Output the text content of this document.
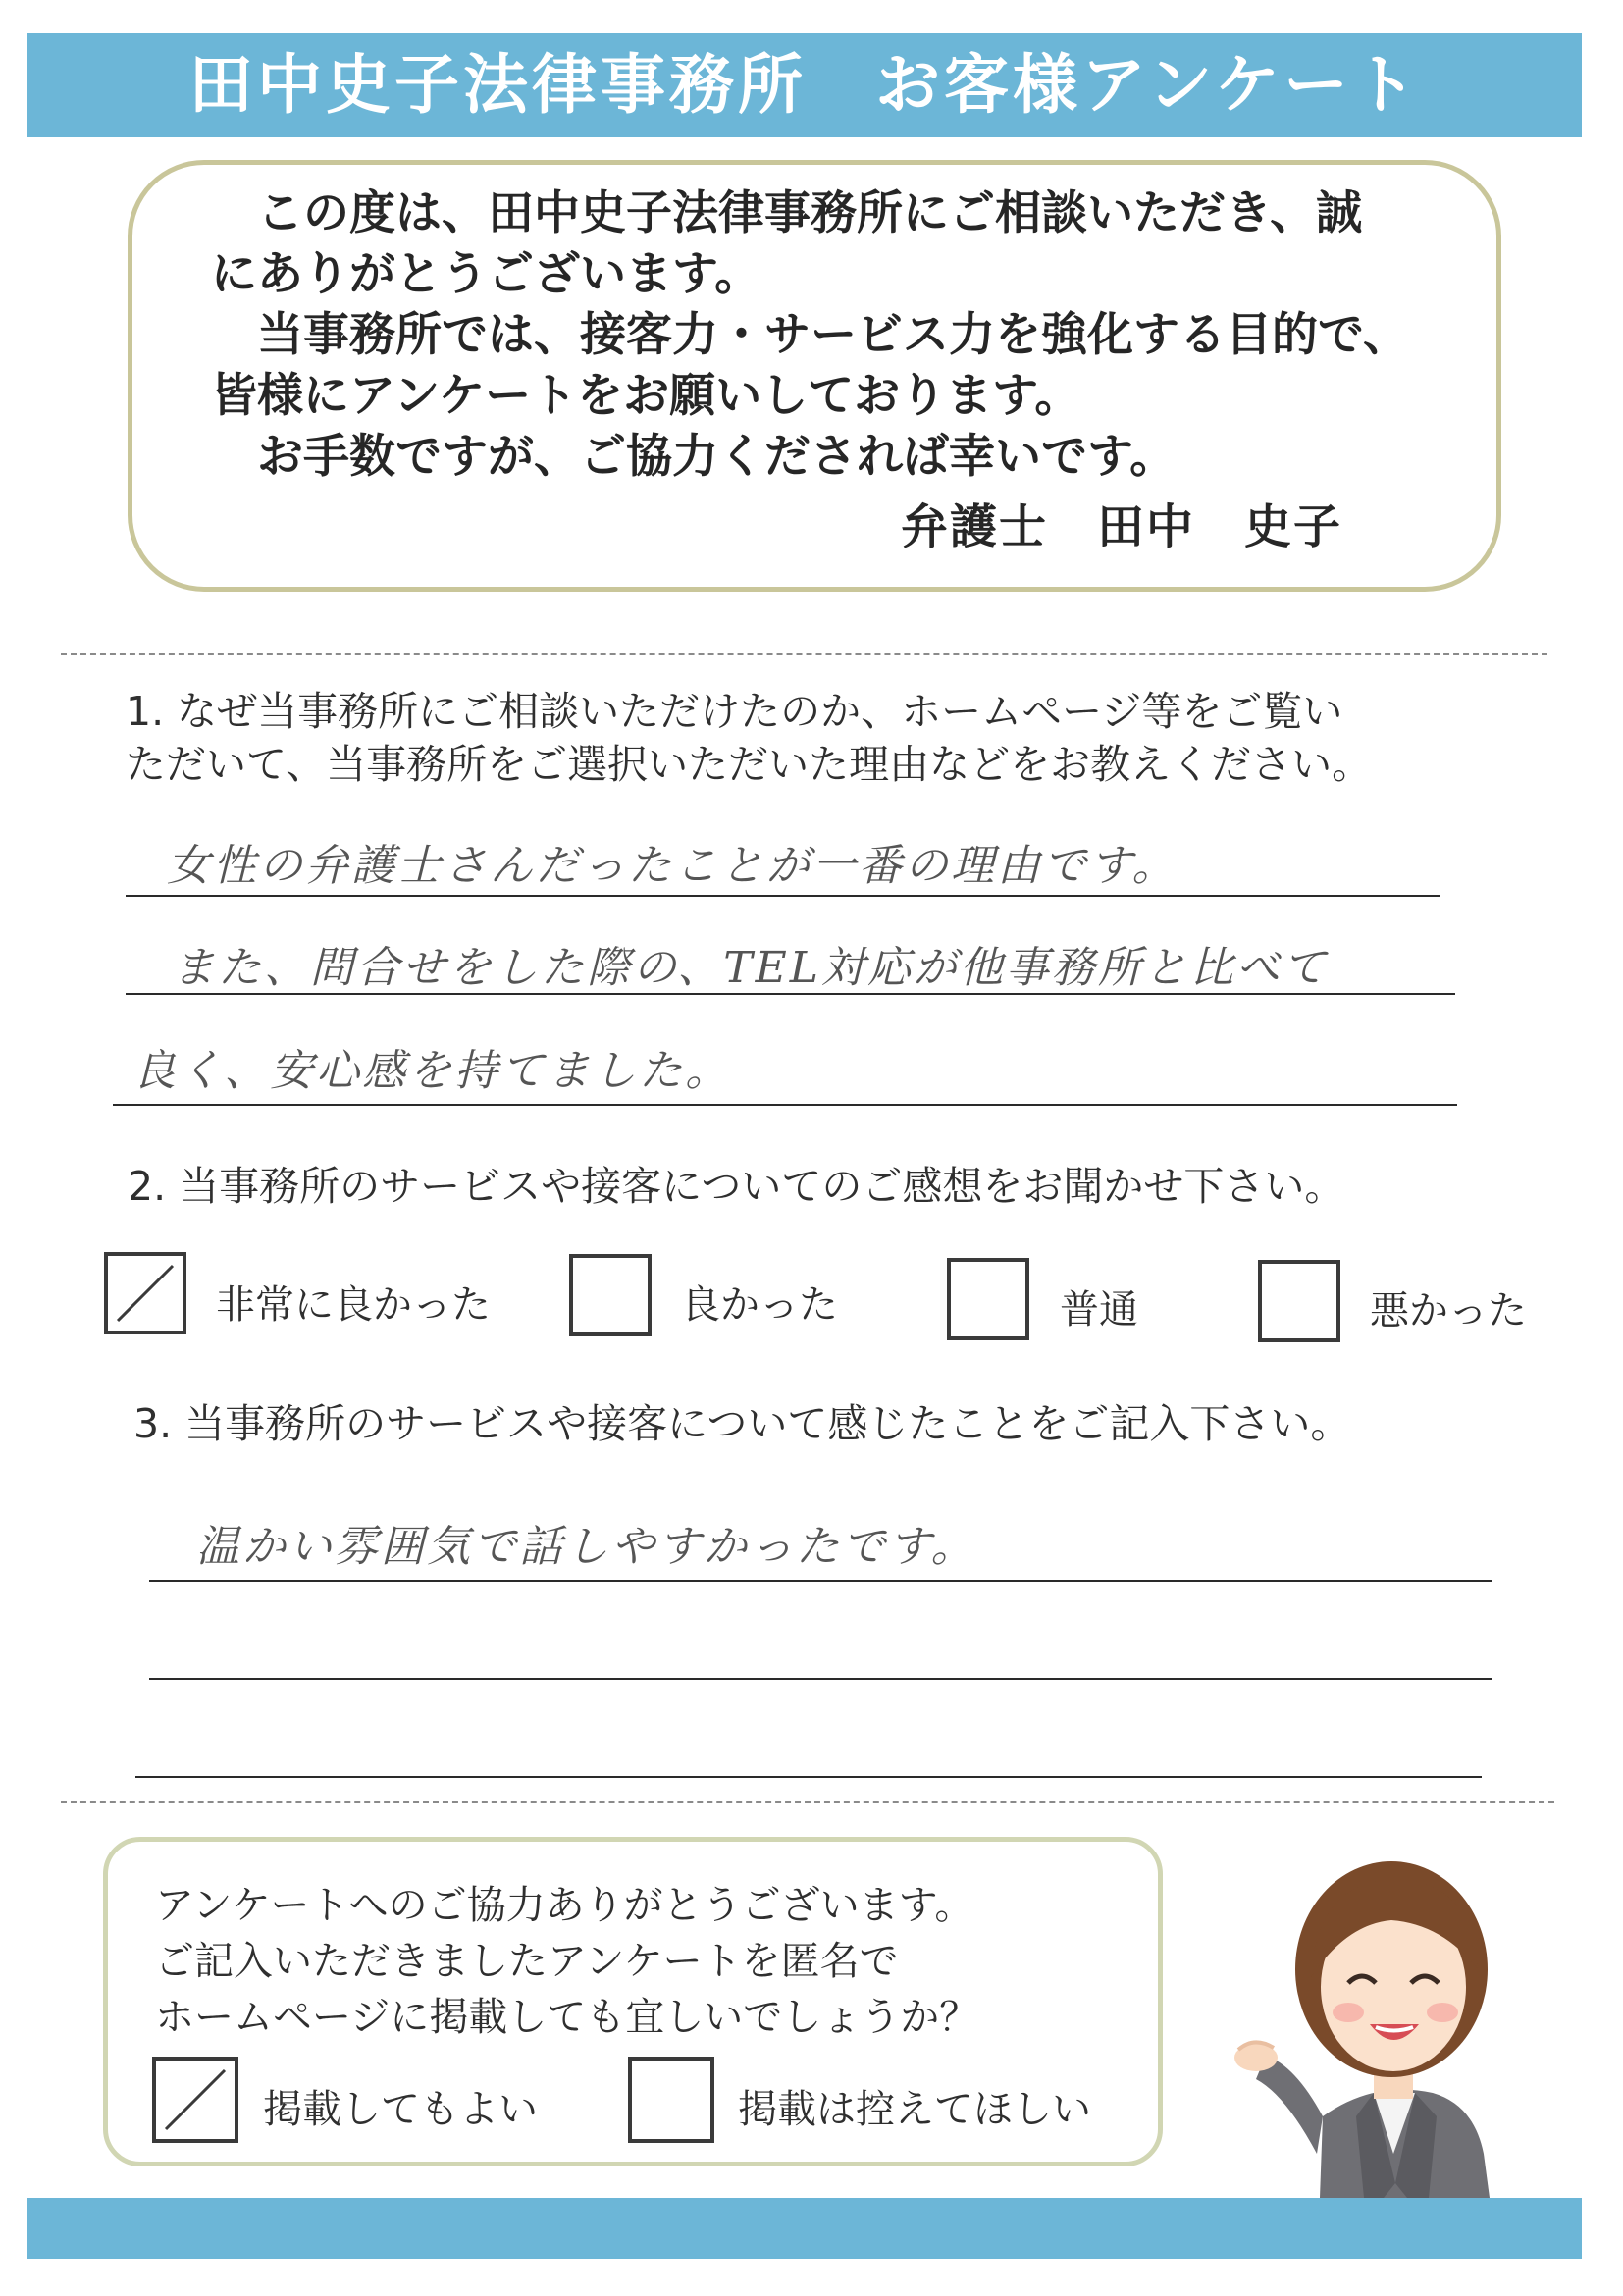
田中史子法律事務所　お客様アンケート
　この度は、田中史子法律事務所にご相談いただき、誠
にありがとうございます。
　当事務所では、接客力・サービス力を強化する目的で、
皆様にアンケートをお願いしております。
　お手数ですが、ご協力くだされば幸いです。
弁護士　田中　史子
1. なぜ当事務所にご相談いただけたのか、ホームページ等をご覧い
ただいて、当事務所をご選択いただいた理由などをお教えください。
女性の弁護士さんだったことが一番の理由です。
また、問合せをした際の、TEL対応が他事務所と比べて
良く、安心感を持てました。
2. 当事務所のサービスや接客についてのご感想をお聞かせ下さい。
非常に良かった	良かった	普通	悪かった
3. 当事務所のサービスや接客について感じたことをご記入下さい。
温かい雰囲気で話しやすかったです。
アンケートへのご協力ありがとうございます。
ご記入いただきましたアンケートを匿名で
ホームページに掲載しても宜しいでしょうか？
掲載してもよい	掲載は控えてほしい
